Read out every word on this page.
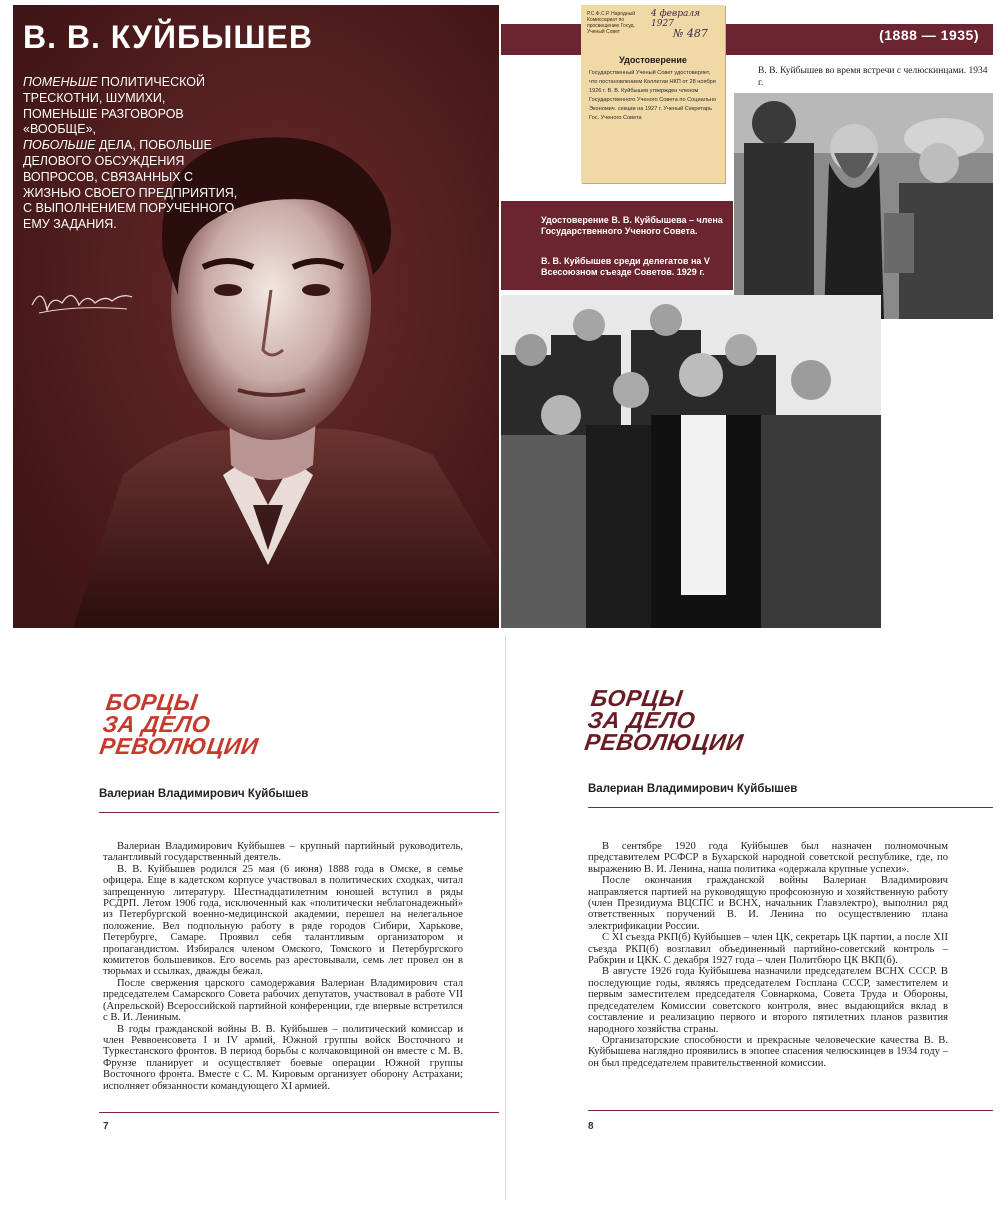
В. В. КУЙБЫШЕВ
ПОМЕНЬШЕ ПОЛИТИЧЕСКОЙ ТРЕСКОТНИ, ШУМИХИ, ПОМЕНЬШЕ РАЗГОВОРОВ «ВООБЩЕ»,
ПОБОЛЬШЕ ДЕЛА, ПОБОЛЬШЕ ДЕЛОВОГО ОБСУЖДЕНИЯ ВОПРОСОВ, СВЯЗАННЫХ С ЖИЗНЬЮ СВОЕГО ПРЕДПРИЯТИЯ, С ВЫПОЛНЕНИЕМ ПОРУЧЕННОГО ЕМУ ЗАДАНИЯ.
(1888 — 1935)
Р.С.Ф.С.Р. Народный Комиссариат по просвещению Госуд. Ученый Совет
4 февраля 1927
№ 487
Удостоверение
Государственный Ученый Совет удостоверяет, что постановлением Коллегии НКП от 28 ноября 1926 г. В. В. Куйбышев утвержден членом Государственного Ученого Совета по Социально Экономич. секции на 1927 г. Ученый Секретарь Гос. Ученого Совета
В. В. Куйбышев во время встречи с челюскинцами. 1934 г.
Удостоверение В. В. Куйбышева – члена Государственного Ученого Совета.
В. В. Куйбышев среди делегатов на V Всесоюзном съезде Советов. 1929 г.
БОРЦЫ
ЗА ДЕЛО
РЕВОЛЮЦИИ
Валериан Владимирович Куйбышев

Валериан Владимирович Куйбышев – крупный партийный руководитель, талантливый государственный деятель.

В. В. Куйбышев родился 25 мая (6 июня) 1888 года в Омске, в семье офицера. Еще в кадетском корпусе участвовал в политических сходках, читал запрещенную литературу. Шестнадцатилетним юношей вступил в ряды РСДРП. Летом 1906 года, исключенный как «политически неблагонадежный» из Петербургской военно-медицинской академии, перешел на нелегальное положение. Вел подпольную работу в ряде городов Сибири, Харькове, Петербурге, Самаре. Проявил себя талантливым организатором и пропагандистом. Избирался членом Омского, Томского и Петербургского комитетов большевиков. Его восемь раз арестовывали, семь лет провел он в тюрьмах и ссылках, дважды бежал.

После свержения царского самодержавия Валериан Владимирович стал председателем Самарского Совета рабочих депутатов, участвовал в работе VII (Апрельской) Всероссийской партийной конференции, где впервые встретился с В. И. Лениным.

В годы гражданской войны В. В. Куйбышев – политический комиссар и член Реввоенсовета I и IV армий, Южной группы войск Восточного и Туркестанского фронтов. В период борьбы с колчаковщиной он вместе с М. В. Фрунзе планирует и осуществляет боевые операции Южной группы Восточного фронта. Вместе с С. М. Кировым организует оборону Астрахани; исполняет обязанности командующего XI армией.

7
БОРЦЫ
ЗА ДЕЛО
РЕВОЛЮЦИИ
Валериан Владимирович Куйбышев

В сентябре 1920 года Куйбышев был назначен полномочным представителем РСФСР в Бухарской народной советской республике, где, по выражению В. И. Ленина, наша политика «одержала крупные успехи».

После окончания гражданской войны Валериан Владимирович направляется партией на руководящую профсоюзную и хозяйственную работу (член Президиума ВЦСПС и ВСНХ, начальник Главэлектро), выполнил ряд ответственных поручений В. И. Ленина по осуществлению плана электрификации России.

С XI съезда РКП(б) Куйбышев – член ЦК, секретарь ЦК партии, а после XII съезда РКП(б) возглавил объединенный партийно-советский контроль – Рабкрин и ЦКК. С декабря 1927 года – член Политбюро ЦК ВКП(б).

В августе 1926 года Куйбышева назначили председателем ВСНХ СССР. В последующие годы, являясь председателем Госплана СССР, заместителем и первым заместителем председателя Совнаркома, Совета Труда и Обороны, председателем Комиссии советского контроля, внес выдающийся вклад в составление и реализацию первого и второго пятилетних планов развития народного хозяйства страны.

Организаторские способности и прекрасные человеческие качества В. В. Куйбышева наглядно проявились в эпопее спасения челюскинцев в 1934 году – он был председателем правительственной комиссии.

8
